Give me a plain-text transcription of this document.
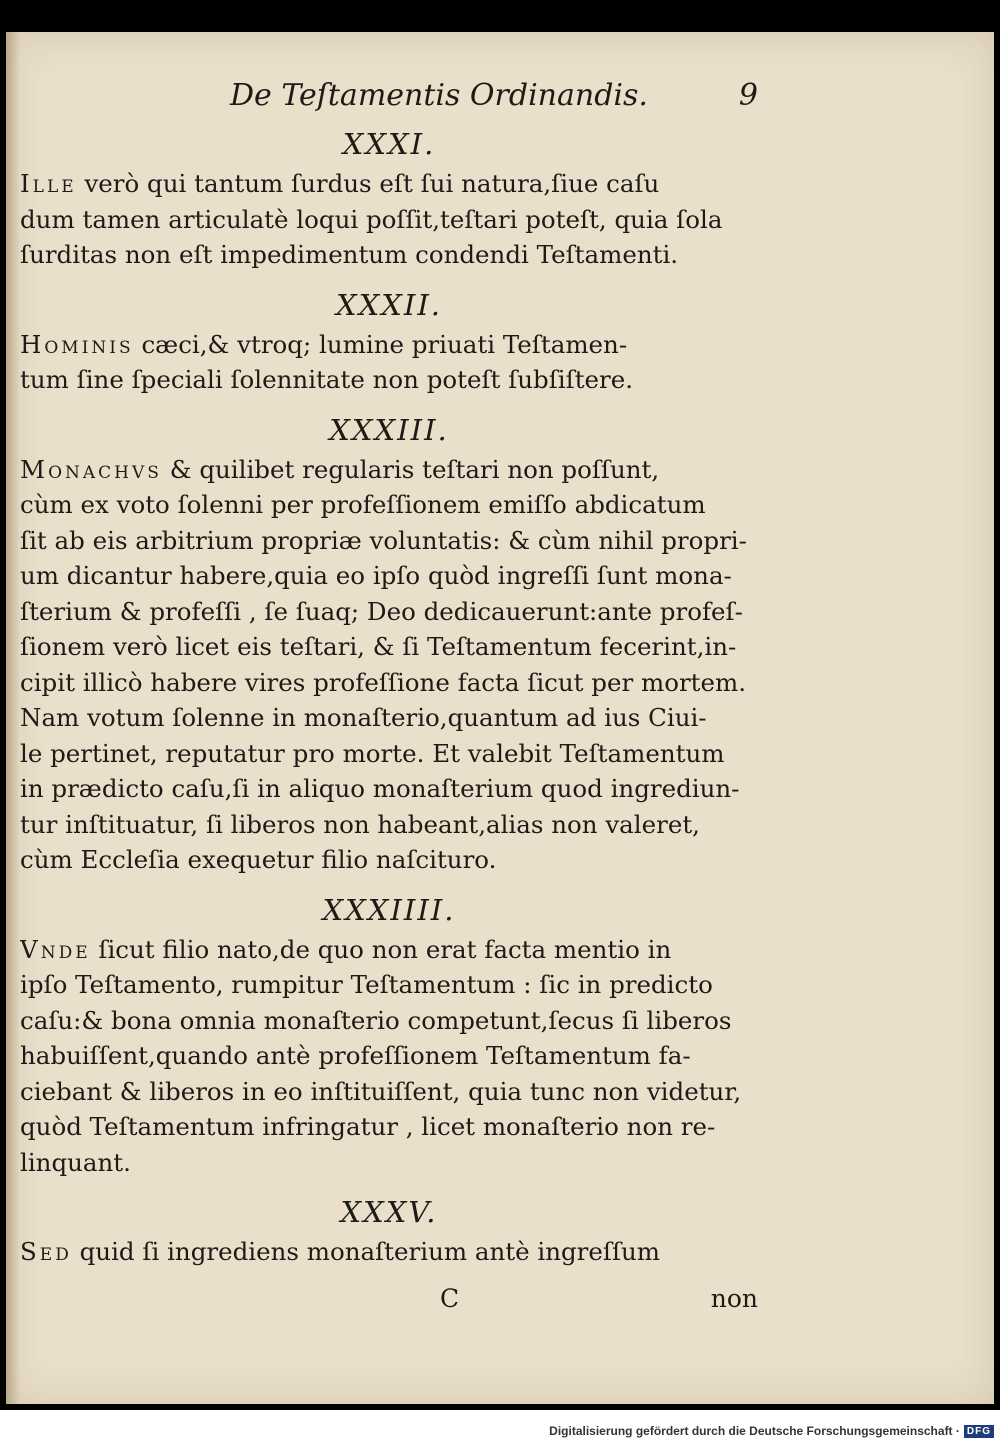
De Teſtamentis Ordinandis.	9
XXXI.
Ille verò qui tantum ſurdus eſt ſui natura,ſiue caſu
dum tamen articulatè loqui poſſit,teſtari poteſt, quia ſola
ſurditas non eſt impedimentum condendi Teſtamenti.
XXXII.
Hominis cæci,& vtroq; lumine priuati Teſtamen-
tum ſine ſpeciali ſolennitate non poteſt ſubſiſtere.
XXXIII.
Monachvs & quilibet regularis teſtari non poſſunt,
cùm ex voto ſolenni per profeſſionem emiſſo abdicatum
ſit ab eis arbitrium propriæ voluntatis: & cùm nihil propri-
um dicantur habere,quia eo ipſo quòd ingreſſi ſunt mona-
ſterium & profeſſi , ſe ſuaq; Deo dedicauerunt:ante profeſ-
ſionem verò licet eis teſtari, & ſi Teſtamentum fecerint,in-
cipit illicò habere vires profeſſione facta ſicut per mortem.
Nam votum ſolenne in monaſterio,quantum ad ius Ciui-
le pertinet, reputatur pro morte. Et valebit Teſtamentum
in prædicto caſu,ſi in aliquo monaſterium quod ingrediun-
tur inſtituatur, ſi liberos non habeant,alias non valeret,
cùm Eccleſia exequetur filio naſcituro.
XXXIIII.
Vnde ſicut filio nato,de quo non erat facta mentio in
ipſo Teſtamento, rumpitur Teſtamentum : ſic in predicto
caſu:& bona omnia monaſterio competunt,ſecus ſi liberos
habuiſſent,quando antè profeſſionem Teſtamentum fa-
ciebant & liberos in eo inſtituiſſent, quia tunc non videtur,
quòd Teſtamentum infringatur , licet monaſterio non re-
linquant.
XXXV.
Sed quid ſi ingrediens monaſterium antè ingreſſum
C	non
Digitalisierung gefördert durch die Deutsche Forschungsgemeinschaft · DFG
